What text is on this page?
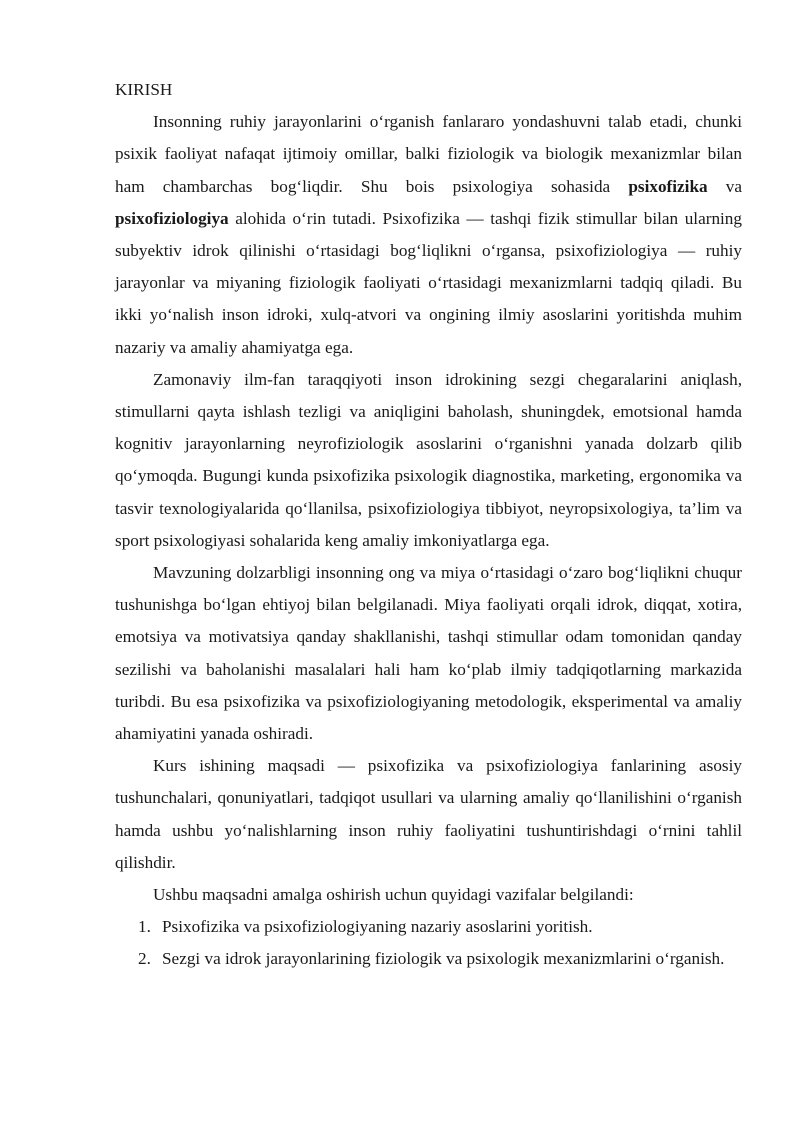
KIRISH

Insonning ruhiy jarayonlarini o‘rganish fanlararo yondashuvni talab etadi, chunki psixik faoliyat nafaqat ijtimoiy omillar, balki fiziologik va biologik mexanizmlar bilan ham chambarchas bog‘liqdir. Shu bois psixologiya sohasida psixofizika va psixofiziologiya alohida o‘rin tutadi. Psixofizika — tashqi fizik stimullar bilan ularning subyektiv idrok qilinishi o‘rtasidagi bog‘liqlikni o‘rgansa, psixofiziologiya — ruhiy jarayonlar va miyaning fiziologik faoliyati o‘rtasidagi mexanizmlarni tadqiq qiladi. Bu ikki yo‘nalish inson idroki, xulq-atvori va ongining ilmiy asoslarini yoritishda muhim nazariy va amaliy ahamiyatga ega.

Zamonaviy ilm-fan taraqqiyoti inson idrokining sezgi chegaralarini aniqlash, stimullarni qayta ishlash tezligi va aniqligini baholash, shuningdek, emotsional hamda kognitiv jarayonlarning neyrofiziologik asoslarini o‘rganishni yanada dolzarb qilib qo‘ymoqda. Bugungi kunda psixofizika psixologik diagnostika, marketing, ergonomika va tasvir texnologiyalarida qo‘llanilsa, psixofiziologiya tibbiyot, neyropsixologiya, ta’lim va sport psixologiyasi sohalarida keng amaliy imkoniyatlarga ega.

Mavzuning dolzarbligi insonning ong va miya o‘rtasidagi o‘zaro bog‘liqlikni chuqur tushunishga bo‘lgan ehtiyoj bilan belgilanadi. Miya faoliyati orqali idrok, diqqat, xotira, emotsiya va motivatsiya qanday shakllanishi, tashqi stimullar odam tomonidan qanday sezilishi va baholanishi masalalari hali ham ko‘plab ilmiy tadqiqotlarning markazida turibdi. Bu esa psixofizika va psixofiziologiyaning metodologik, eksperimental va amaliy ahamiyatini yanada oshiradi.

Kurs ishining maqsadi — psixofizika va psixofiziologiya fanlarining asosiy tushunchalari, qonuniyatlari, tadqiqot usullari va ularning amaliy qo‘llanilishini o‘rganish hamda ushbu yo‘nalishlarning inson ruhiy faoliyatini tushuntirishdagi o‘rnini tahlil qilishdir.

Ushbu maqsadni amalga oshirish uchun quyidagi vazifalar belgilandi:

1. Psixofizika va psixofiziologiyaning nazariy asoslarini yoritish.
2. Sezgi va idrok jarayonlarining fiziologik va psixologik mexanizmlarini o‘rganish.
